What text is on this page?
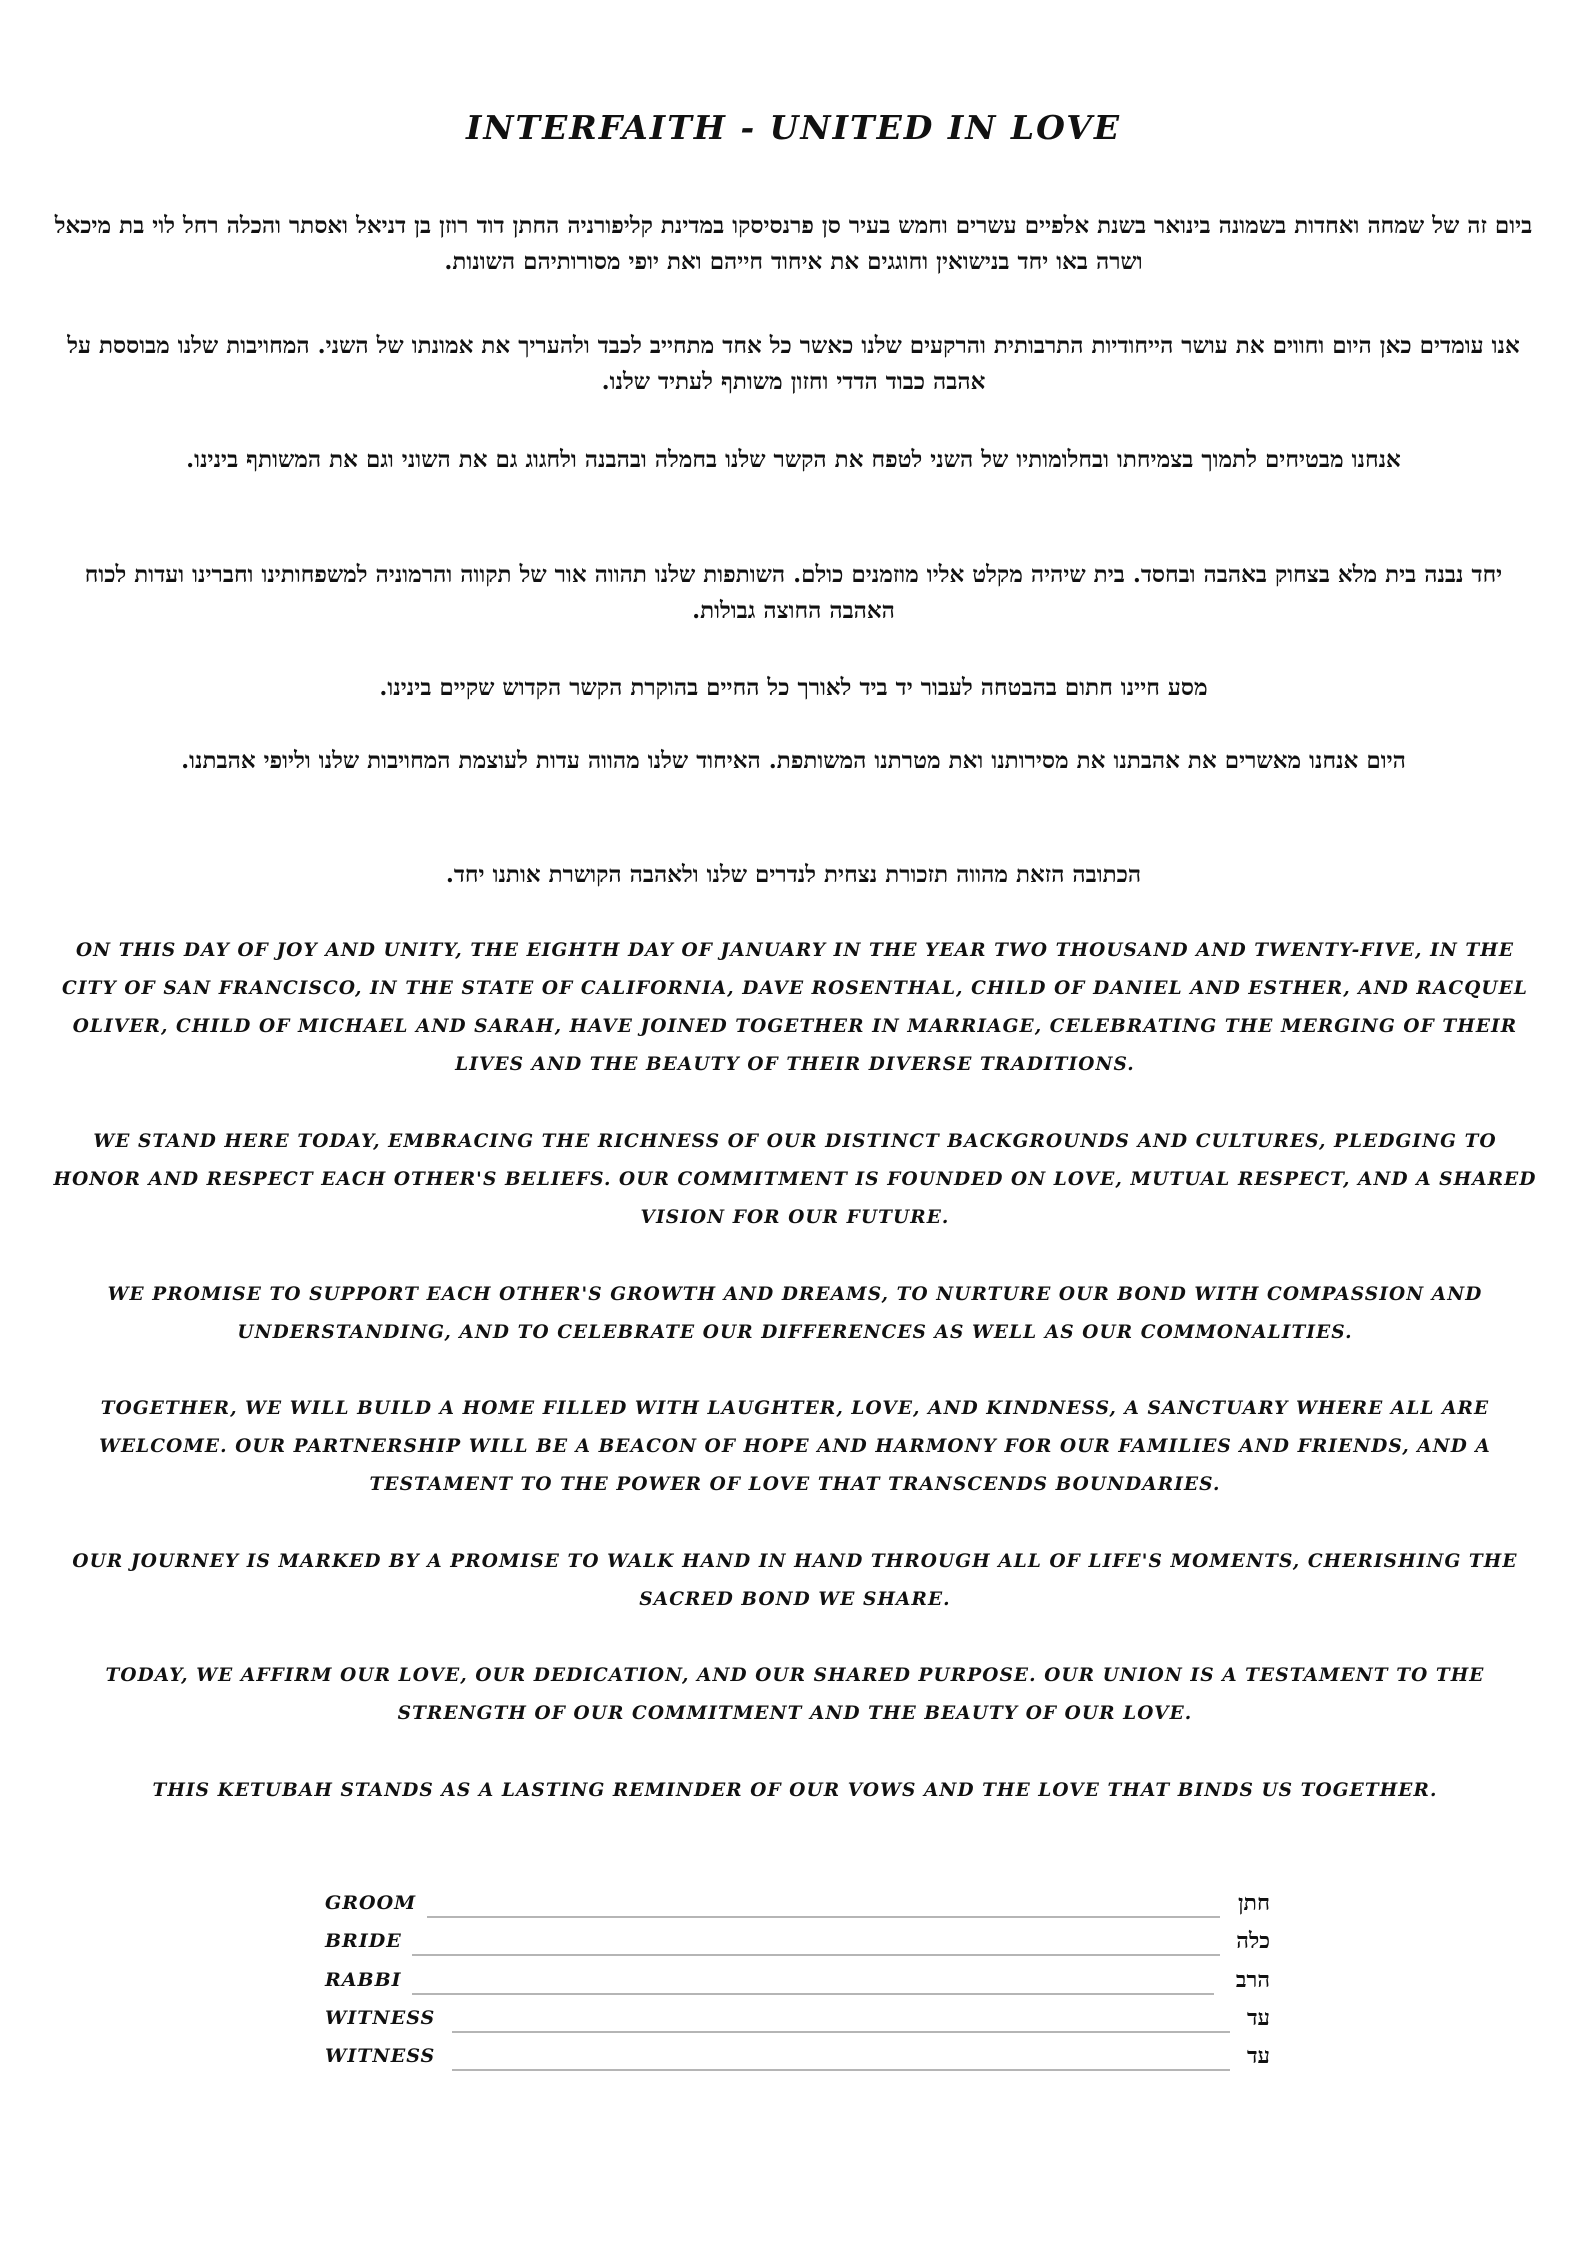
INTERFAITH - UNITED IN LOVE

ביום זה של שמחה ואחדות בשמונה בינואר בשנת אלפיים עשרים וחמש בעיר סן פרנסיסקו במדינת קליפורניה החתן דוד רוזן בן דניאל ואסתר והכלה רחל לוי בת מיכאל ושרה באו יחד בנישואין וחוגגים את איחוד חייהם ואת יופי מסורותיהם השונות.

אנו עומדים כאן היום וחווים את עושר הייחודיות התרבותית והרקעים שלנו כאשר כל אחד מתחייב לכבד ולהעריך את אמונתו של השני. המחויבות שלנו מבוססת על אהבה כבוד הדדי וחזון משותף לעתיד שלנו.

אנחנו מבטיחים לתמוך בצמיחתו ובחלומותיו של השני לטפח את הקשר שלנו בחמלה ובהבנה ולחגוג גם את השוני וגם את המשותף בינינו.

יחד נבנה בית מלא בצחוק באהבה ובחסד. בית שיהיה מקלט אליו מוזמנים כולם. השותפות שלנו תהווה אור של תקווה והרמוניה למשפחותינו וחברינו ועדות לכוח האהבה החוצה גבולות.

מסע חיינו חתום בהבטחה לעבור יד ביד לאורך כל החיים בהוקרת הקשר הקדוש שקיים בינינו.

היום אנחנו מאשרים את אהבתנו את מסירותנו ואת מטרתנו המשותפת. האיחוד שלנו מהווה עדות לעוצמת המחויבות שלנו וליופי אהבתנו.

הכתובה הזאת מהווה תזכורת נצחית לנדרים שלנו ולאהבה הקושרת אותנו יחד.

ON THIS DAY OF JOY AND UNITY, THE EIGHTH DAY OF JANUARY IN THE YEAR TWO THOUSAND AND TWENTY-FIVE, IN THE CITY OF SAN FRANCISCO, IN THE STATE OF CALIFORNIA, DAVE ROSENTHAL, CHILD OF DANIEL AND ESTHER, AND RACQUEL OLIVER, CHILD OF MICHAEL AND SARAH, HAVE JOINED TOGETHER IN MARRIAGE, CELEBRATING THE MERGING OF THEIR LIVES AND THE BEAUTY OF THEIR DIVERSE TRADITIONS.

WE STAND HERE TODAY, EMBRACING THE RICHNESS OF OUR DISTINCT BACKGROUNDS AND CULTURES, PLEDGING TO HONOR AND RESPECT EACH OTHER'S BELIEFS. OUR COMMITMENT IS FOUNDED ON LOVE, MUTUAL RESPECT, AND A SHARED VISION FOR OUR FUTURE.

WE PROMISE TO SUPPORT EACH OTHER'S GROWTH AND DREAMS, TO NURTURE OUR BOND WITH COMPASSION AND UNDERSTANDING, AND TO CELEBRATE OUR DIFFERENCES AS WELL AS OUR COMMONALITIES.

TOGETHER, WE WILL BUILD A HOME FILLED WITH LAUGHTER, LOVE, AND KINDNESS, A SANCTUARY WHERE ALL ARE WELCOME. OUR PARTNERSHIP WILL BE A BEACON OF HOPE AND HARMONY FOR OUR FAMILIES AND FRIENDS, AND A TESTAMENT TO THE POWER OF LOVE THAT TRANSCENDS BOUNDARIES.

OUR JOURNEY IS MARKED BY A PROMISE TO WALK HAND IN HAND THROUGH ALL OF LIFE'S MOMENTS, CHERISHING THE SACRED BOND WE SHARE.

TODAY, WE AFFIRM OUR LOVE, OUR DEDICATION, AND OUR SHARED PURPOSE. OUR UNION IS A TESTAMENT TO THE STRENGTH OF OUR COMMITMENT AND THE BEAUTY OF OUR LOVE.

THIS KETUBAH STANDS AS A LASTING REMINDER OF OUR VOWS AND THE LOVE THAT BINDS US TOGETHER.

GROOM	חתן
BRIDE	כלה
RABBI	הרב
WITNESS	עד
WITNESS	עד
